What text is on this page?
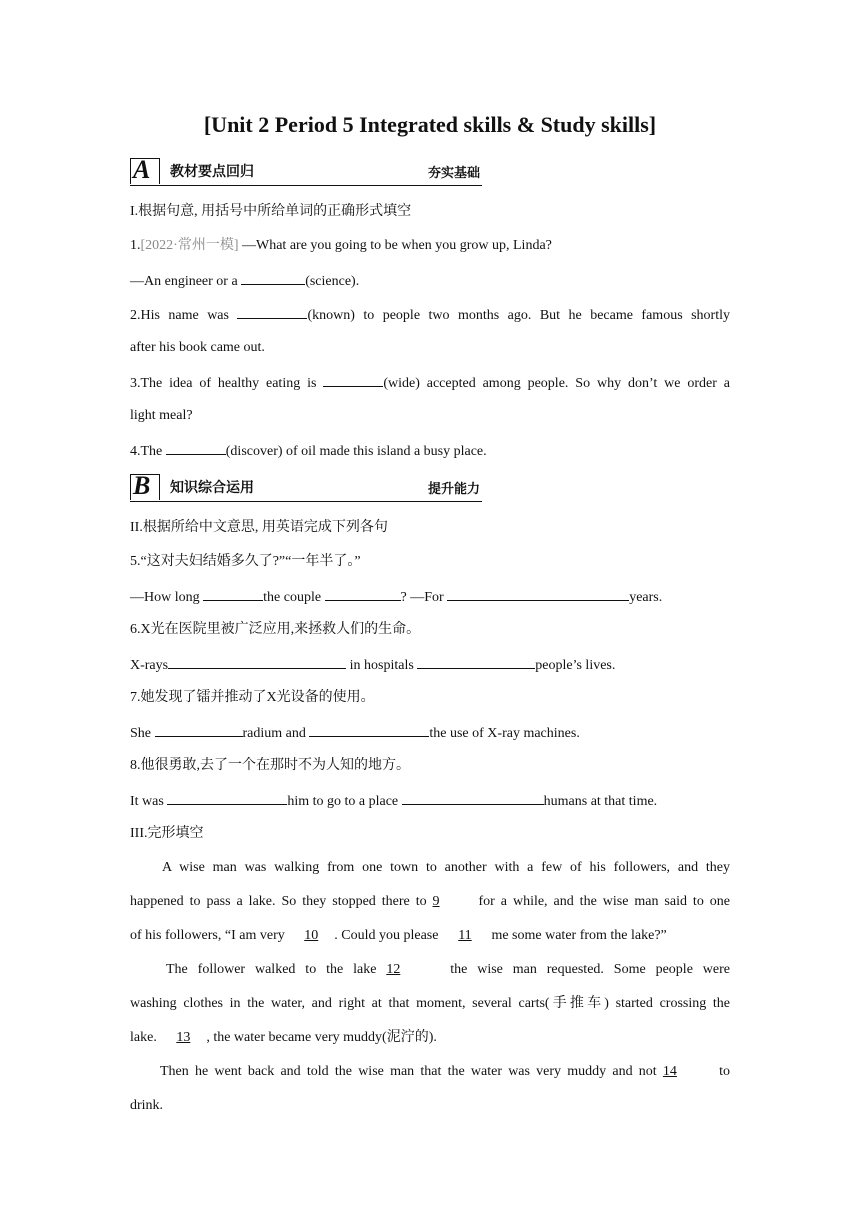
[Unit 2 Period 5 Integrated skills & Study skills]
A 教材要点回归	夯实基础
I.根据句意, 用括号中所给单词的正确形式填空
1.[2022·常州一模] —What are you going to be when you grow up, Linda?
—An engineer or a	(science).
2.His name was	(known) to people two months ago. But he became famous shortly
after his book came out.
3.The idea of healthy eating is	(wide) accepted among people. So why don’t we order a
light meal?
4.The	(discover) of oil made this island a busy place.
B 知识综合运用	提升能力
II.根据所给中文意思, 用英语完成下列各句
5.“这对夫妇结婚多久了?”“一年半了。”
—How long	the couple	? —For	years.
6.X光在医院里被广泛应用,来拯救人们的生命。
X-rays	in hospitals	people’s lives.
7.她发现了镭并推动了X光设备的使用。
She	radium and	the use of X-ray machines.
8.他很勇敢,去了一个在那时不为人知的地方。
It was	him to go to a place	humans at that time.
III.完形填空
A wise man was walking from one town to another with a few of his followers, and they
happened to pass a lake. So they stopped there to 9 for a while, and the wise man said to one
of his followers, “I am very 10 . Could you please 11 me some water from the lake?”
The follower walked to the lake 12	the wise man requested. Some people were
washing clothes in the water, and right at that moment, several carts(手推车) started crossing the
lake. 13 , the water became very muddy(泥泞的).
Then he went back and told the wise man that the water was very muddy and not 14	to
drink.
